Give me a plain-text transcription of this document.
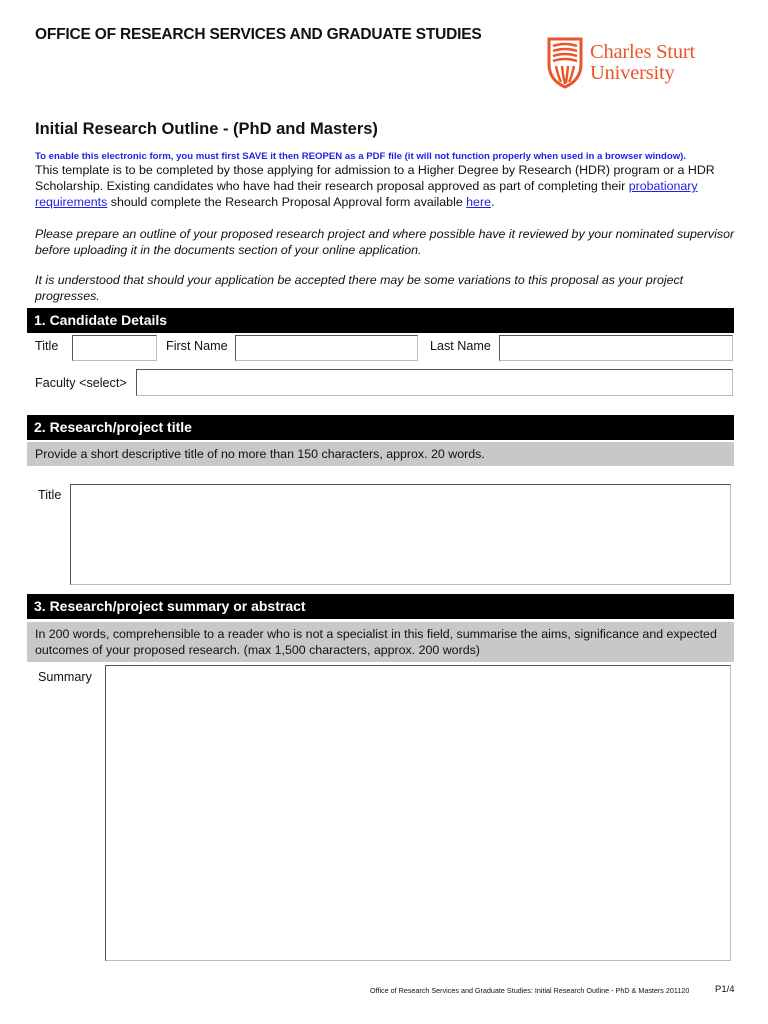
OFFICE OF RESEARCH SERVICES AND GRADUATE STUDIES
Charles Sturt
University
Initial Research Outline - (PhD and Masters)
To enable this electronic form, you must first SAVE it then REOPEN as a PDF file (it will not function properly when used in a browser window).
This template is to be completed by those applying for admission to a Higher Degree by Research (HDR) program or a HDR Scholarship. Existing candidates who have had their research proposal approved as part of completing their probationary requirements should complete the Research Proposal Approval form available here.
Please prepare an outline of your proposed research project and where possible have it reviewed by your nominated supervisor before uploading it in the documents section of your online application.
It is understood that should your application be accepted there may be some variations to this proposal as your project progresses.
1. Candidate Details
Title	First Name	Last Name
Faculty <select>
2. Research/project title
Provide a short descriptive title of no more than 150 characters, approx. 20 words.
Title
3. Research/project summary or abstract
In 200 words, comprehensible to a reader who is not a specialist in this field, summarise the aims, significance and expected outcomes of your proposed research. (max 1,500 characters, approx. 200 words)
Summary
Office of Research Services and Graduate Studies: Initial Research Outline - PhD & Masters 201120	P1/4
